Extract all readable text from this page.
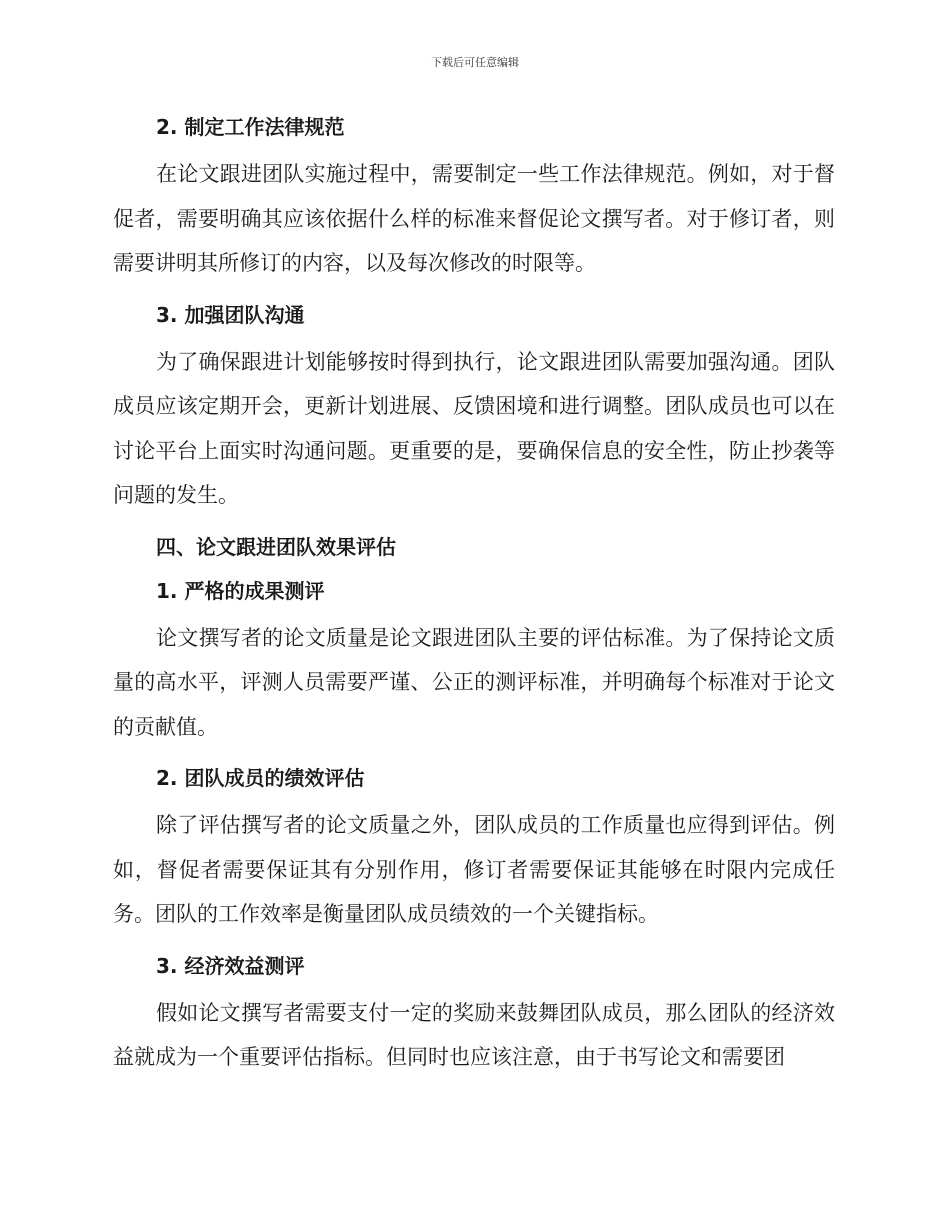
下载后可任意编辑
2. 制定工作法律规范

在论文跟进团队实施过程中，需要制定一些工作法律规范。例如，对于督促者，需要明确其应该依据什么样的标准来督促论文撰写者。对于修订者，则需要讲明其所修订的内容，以及每次修改的时限等。

3. 加强团队沟通

为了确保跟进计划能够按时得到执行，论文跟进团队需要加强沟通。团队成员应该定期开会，更新计划进展、反馈困境和进行调整。团队成员也可以在讨论平台上面实时沟通问题。更重要的是，要确保信息的安全性，防止抄袭等问题的发生。

四、论文跟进团队效果评估
1. 严格的成果测评

论文撰写者的论文质量是论文跟进团队主要的评估标准。为了保持论文质量的高水平，评测人员需要严谨、公正的测评标准，并明确每个标准对于论文的贡献值。

2. 团队成员的绩效评估

除了评估撰写者的论文质量之外，团队成员的工作质量也应得到评估。例如，督促者需要保证其有分别作用，修订者需要保证其能够在时限内完成任务。团队的工作效率是衡量团队成员绩效的一个关键指标。

3. 经济效益测评

假如论文撰写者需要支付一定的奖励来鼓舞团队成员，那么团队的经济效益就成为一个重要评估指标。但同时也应该注意，由于书写论文和需要团
